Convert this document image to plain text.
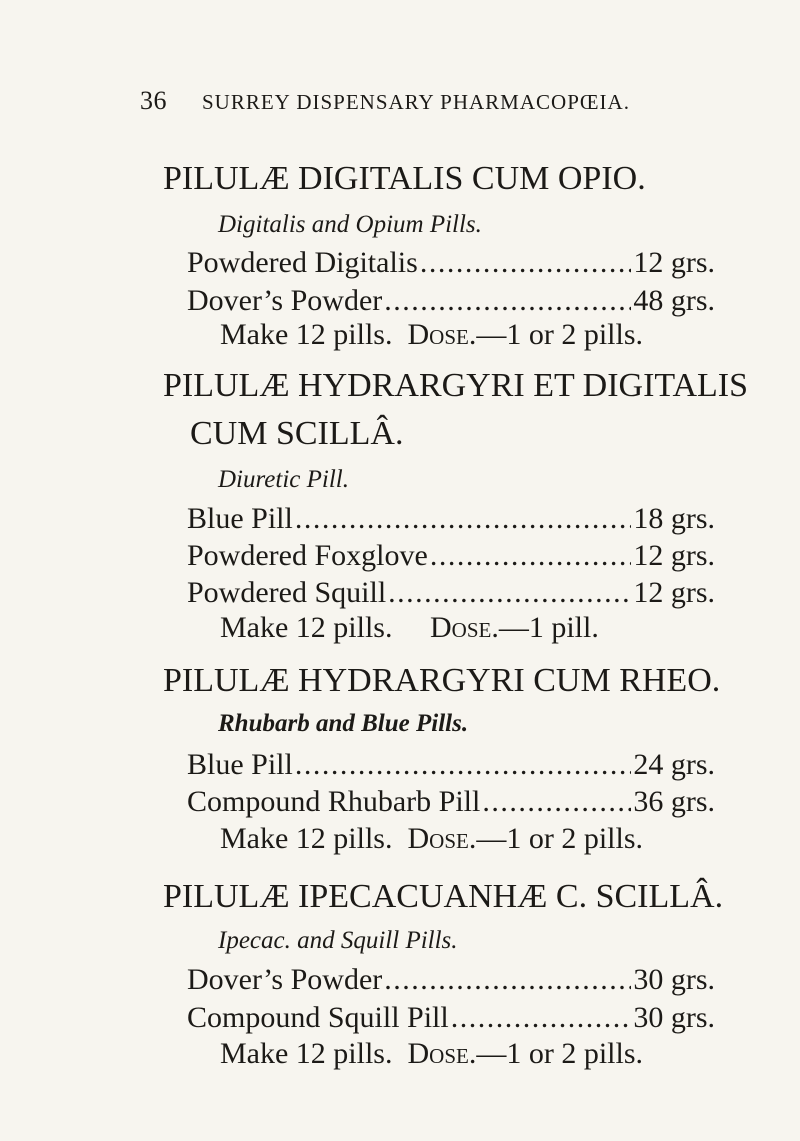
36 SURREY DISPENSARY PHARMACOPŒIA.
PILULÆ DIGITALIS CUM OPIO.
Digitalis and Opium Pills.
Powdered Digitalis . . .	12 grs.
Dover’s Powder . . .	48 grs.
Make 12 pills. Dose.—1 or 2 pills.
PILULÆ HYDRARGYRI ET DIGITALIS
CUM SCILLÂ.
Diuretic Pill.
Blue Pill . . .	18 grs.
Powdered Foxglove . . .	12 grs.
Powdered Squill . . .	12 grs.
Make 12 pills. Dose.—1 pill.
PILULÆ HYDRARGYRI CUM RHEO.
Rhubarb and Blue Pills.
Blue Pill . . .	24 grs.
Compound Rhubarb Pill . . .	36 grs.
Make 12 pills. Dose.—1 or 2 pills.
PILULÆ IPECACUANHÆ C. SCILLÂ.
Ipecac. and Squill Pills.
Dover’s Powder . . .	30 grs.
Compound Squill Pill . . .	30 grs.
Make 12 pills. Dose.—1 or 2 pills.
